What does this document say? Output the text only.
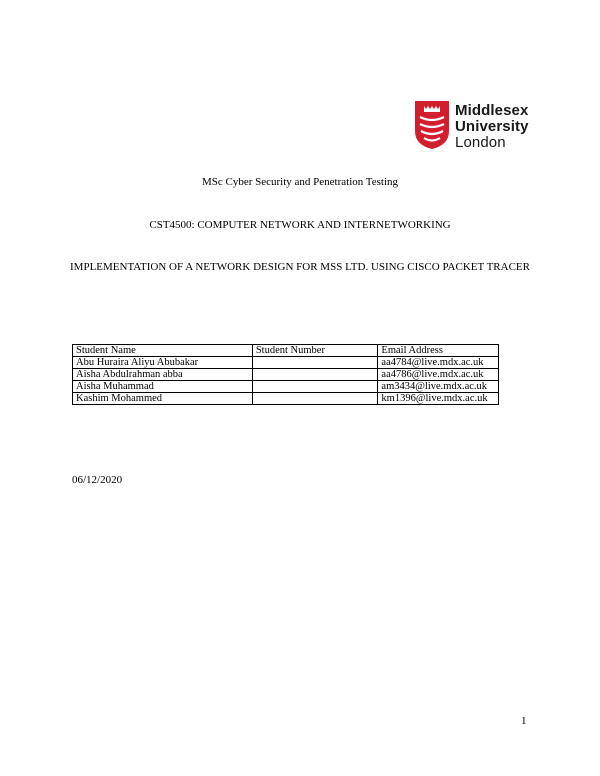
Middlesex
University
London
MSc Cyber Security and Penetration Testing
CST4500: COMPUTER NETWORK AND INTERNETWORKING
IMPLEMENTATION OF A NETWORK DESIGN FOR MSS LTD. USING CISCO PACKET TRACER
Student Name	Student Number	Email Address
Abu Huraira Aliyu Abubakar		aa4784@live.mdx.ac.uk
Aisha Abdulrahman abba		aa4786@live.mdx.ac.uk
Aisha Muhammad		am3434@live.mdx.ac.uk
Kashim Mohammed		km1396@live.mdx.ac.uk
06/12/2020
1
